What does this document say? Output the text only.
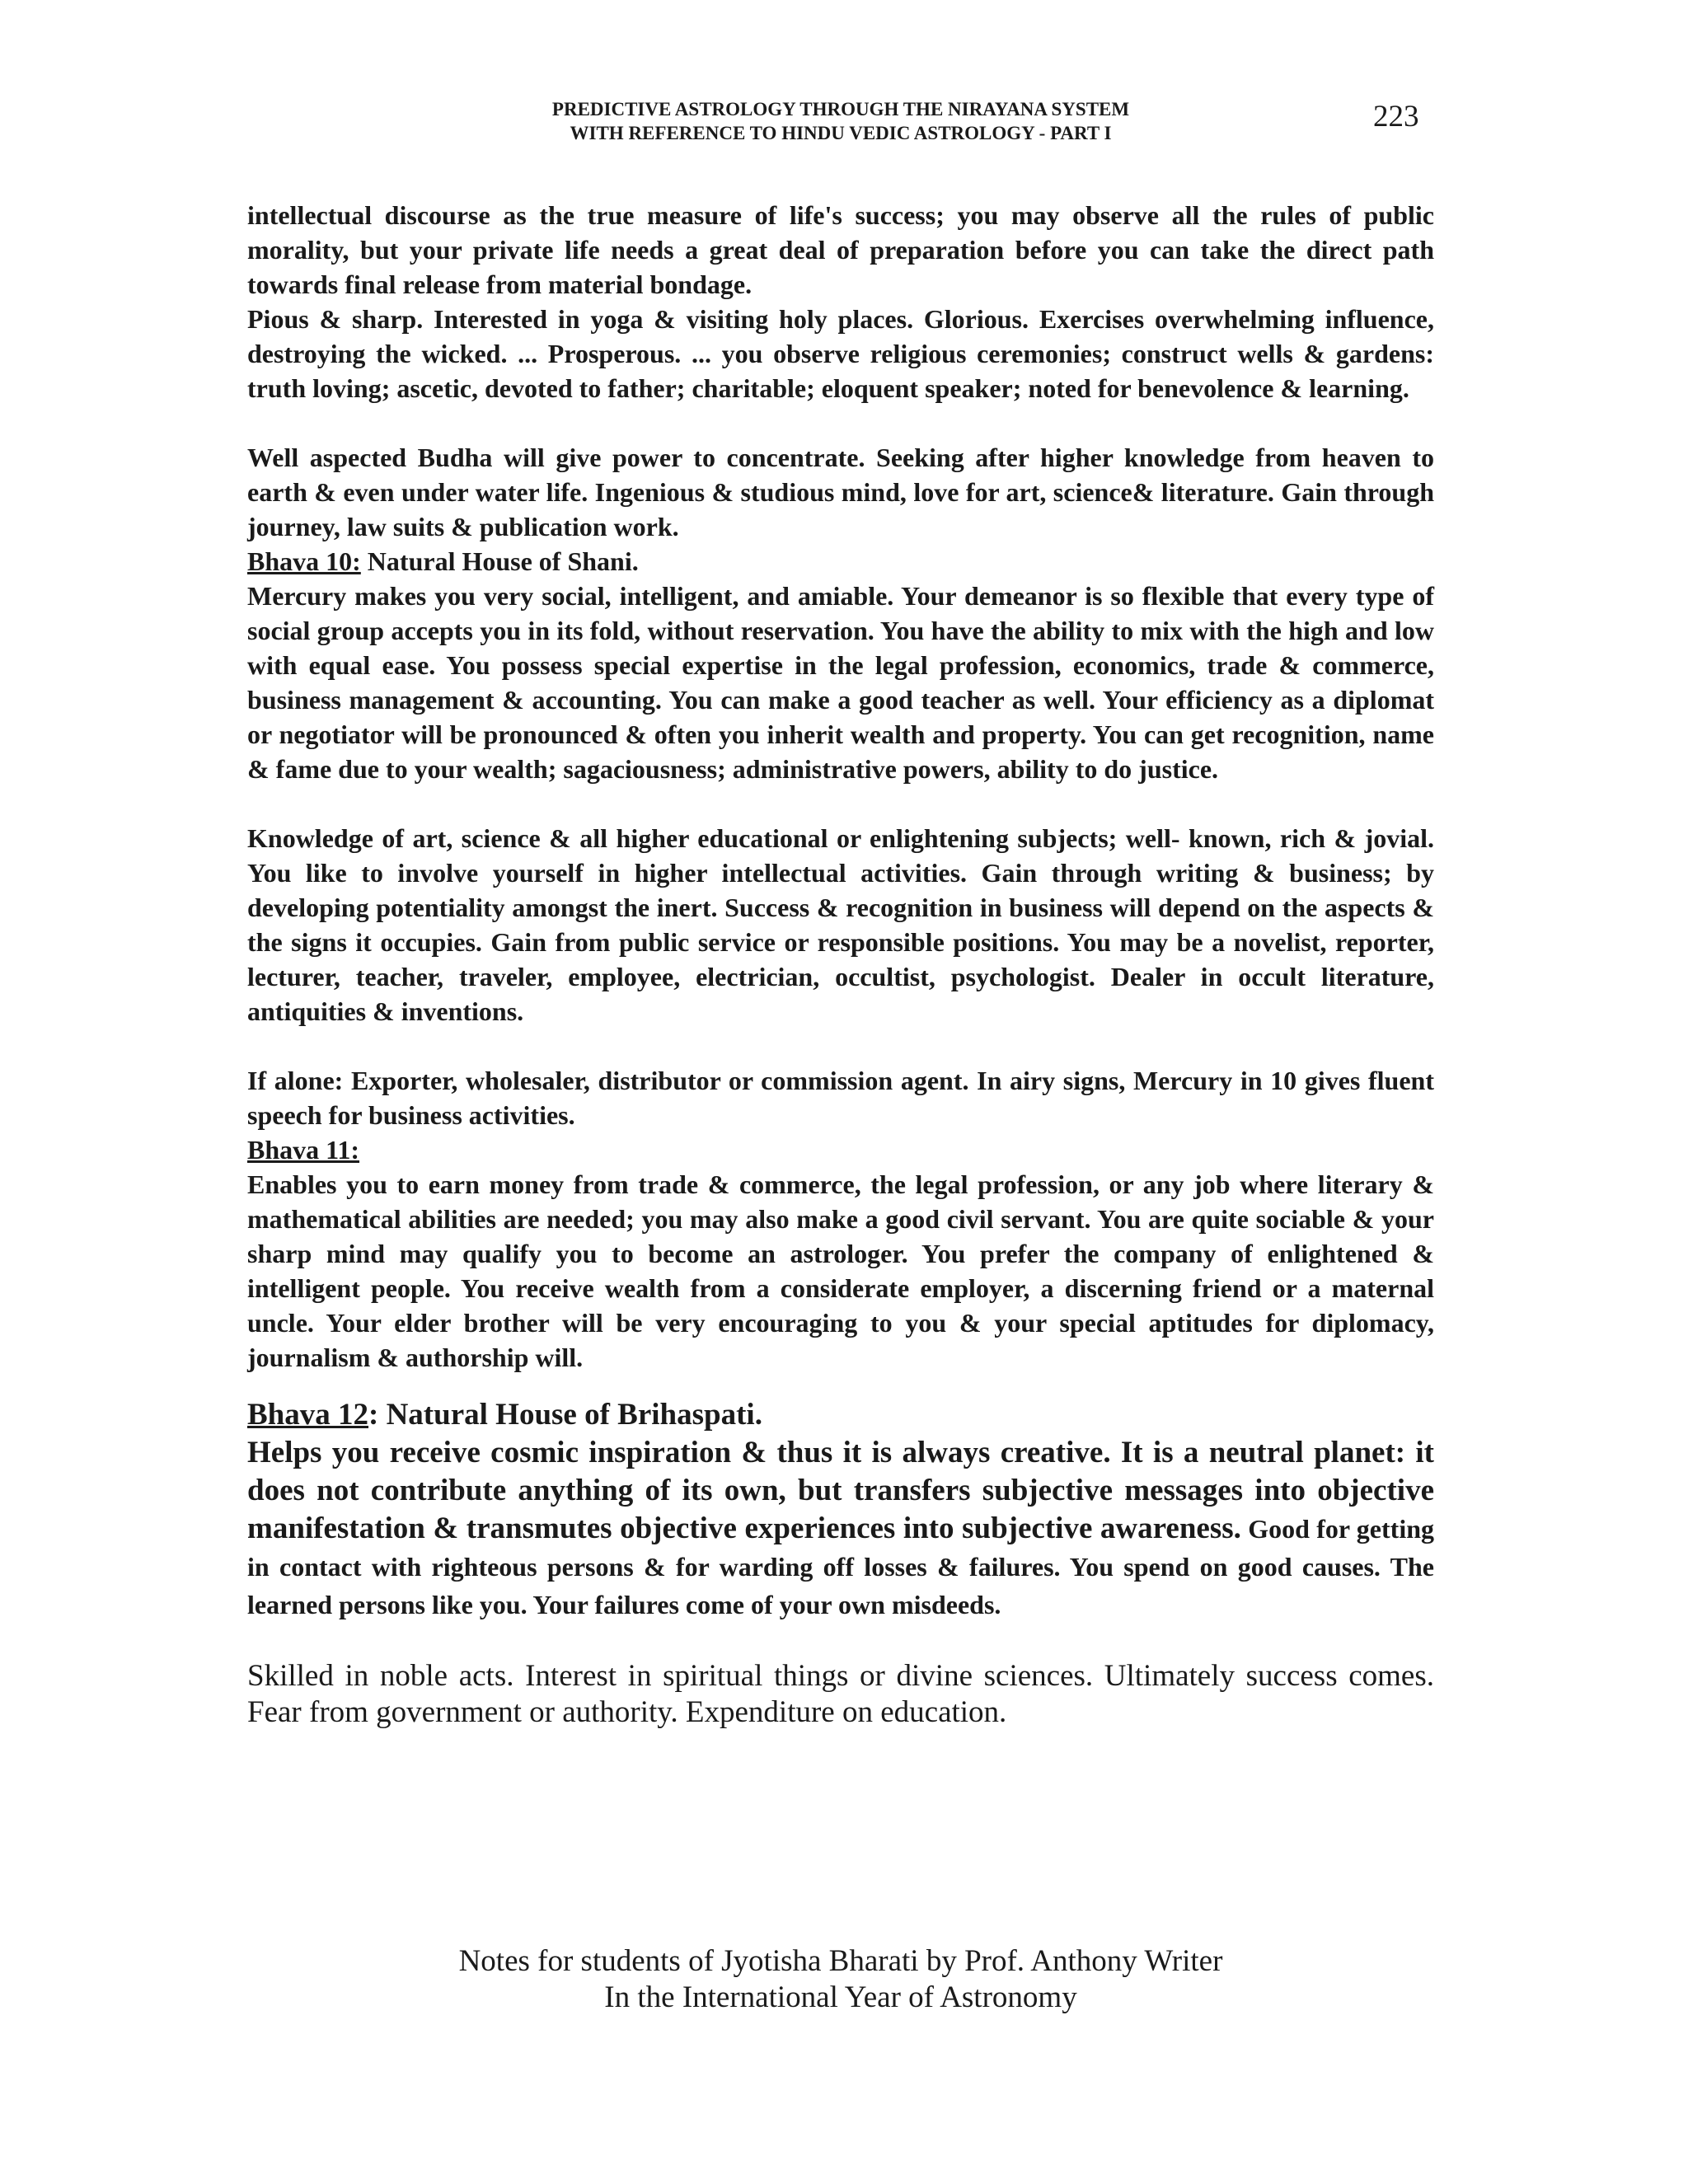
PREDICTIVE ASTROLOGY THROUGH THE NIRAYANA SYSTEM
WITH REFERENCE TO HINDU VEDIC ASTROLOGY - PART I	223

intellectual discourse as the true measure of life's success; you may observe all the rules of public morality, but your private life needs a great deal of preparation before you can take the direct path towards final release from material bondage.

Pious & sharp. Interested in yoga & visiting holy places. Glorious. Exercises overwhelming influence, destroying the wicked. ... Prosperous. ... you observe religious ceremonies; construct wells & gardens: truth loving; ascetic, devoted to father; charitable; eloquent speaker; noted for benevolence & learning.

Well aspected Budha will give power to concentrate. Seeking after higher knowledge from heaven to earth & even under water life. Ingenious & studious mind, love for art, science& literature. Gain through journey, law suits & publication work.

Bhava 10: Natural House of Shani.

Mercury makes you very social, intelligent, and amiable. Your demeanor is so flexible that every type of social group accepts you in its fold, without reservation. You have the ability to mix with the high and low with equal ease. You possess special expertise in the legal profession, economics, trade & commerce, business management & accounting. You can make a good teacher as well. Your efficiency as a diplomat or negotiator will be pronounced & often you inherit wealth and property. You can get recognition, name & fame due to your wealth; sagaciousness; administrative powers, ability to do justice.

Knowledge of art, science & all higher educational or enlightening subjects; well- known, rich & jovial. You like to involve yourself in higher intellectual activities. Gain through writing & business; by developing potentiality amongst the inert. Success & recognition in business will depend on the aspects & the signs it occupies. Gain from public service or responsible positions. You may be a novelist, reporter, lecturer, teacher, traveler, employee, electrician, occultist, psychologist. Dealer in occult literature, antiquities & inventions.

If alone: Exporter, wholesaler, distributor or commission agent. In airy signs, Mercury in 10 gives fluent speech for business activities.

Bhava 11:

Enables you to earn money from trade & commerce, the legal profession, or any job where literary & mathematical abilities are needed; you may also make a good civil servant. You are quite sociable & your sharp mind may qualify you to become an astrologer. You prefer the company of enlightened & intelligent people. You receive wealth from a considerate employer, a discerning friend or a maternal uncle. Your elder brother will be very encouraging to you & your special aptitudes for diplomacy, journalism & authorship will.

Bhava 12: Natural House of Brihaspati.

Helps you receive cosmic inspiration & thus it is always creative. It is a neutral planet: it does not contribute anything of its own, but transfers subjective messages into objective manifestation & transmutes objective experiences into subjective awareness. Good for getting in contact with righteous persons & for warding off losses & failures. You spend on good causes. The learned persons like you. Your failures come of your own misdeeds.

Skilled in noble acts. Interest in spiritual things or divine sciences. Ultimately success comes. Fear from government or authority. Expenditure on education.

Notes for students of Jyotisha Bharati by Prof. Anthony Writer
In the International Year of Astronomy
